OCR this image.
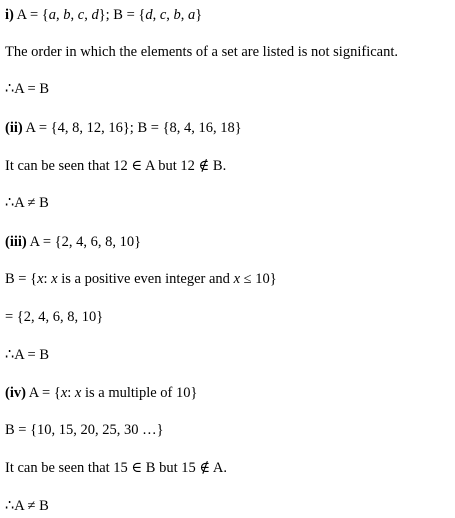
i) A = {a, b, c, d}; B = {d, c, b, a}
The order in which the elements of a set are listed is not significant.
∴A = B
(ii) A = {4, 8, 12, 16}; B = {8, 4, 16, 18}
It can be seen that 12 ∈ A but 12 ∉ B.
∴A ≠ B
(iii) A = {2, 4, 6, 8, 10}
B = {x: x is a positive even integer and x ≤ 10}
= {2, 4, 6, 8, 10}
∴A = B
(iv) A = {x: x is a multiple of 10}
B = {10, 15, 20, 25, 30 …}
It can be seen that 15 ∈ B but 15 ∉ A.
∴A ≠ B
